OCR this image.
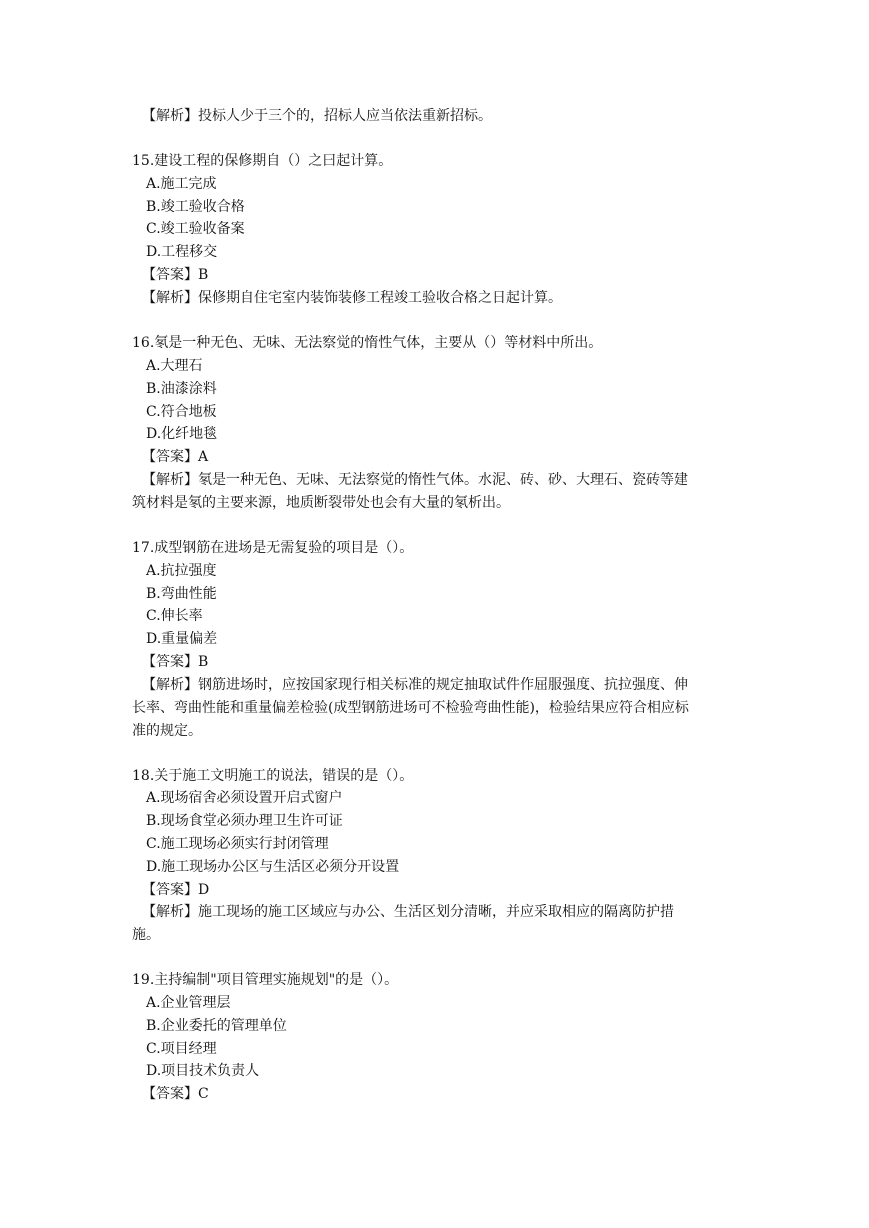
【解析】投标人少于三个的，招标人应当依法重新招标。
15.建设工程的保修期自（）之曰起计算。
A.施工完成
B.竣工验收合格
C.竣工验收备案
D.工程移交
【答案】B
【解析】保修期自住宅室内装饰装修工程竣工验收合格之日起计算。
16.氡是一种无色、无味、无法察觉的惰性气体，主要从（）等材料中所出。
A.大理石
B.油漆涂料
C.符合地板
D.化纤地毯
【答案】A
【解析】氡是一种无色、无味、无法察觉的惰性气体。水泥、砖、砂、大理石、瓷砖等建
筑材料是氡的主要来源，地质断裂带处也会有大量的氡析出。
17.成型钢筋在进场是无需复验的项目是（）。
A.抗拉强度
B.弯曲性能
C.伸长率
D.重量偏差
【答案】B
【解析】钢筋进场时，应按国家现行相关标准的规定抽取试件作屈服强度、抗拉强度、伸
长率、弯曲性能和重量偏差检验(成型钢筋进场可不检验弯曲性能)，检验结果应符合相应标
准的规定。
18.关于施工文明施工的说法，错误的是（）。
A.现场宿舍必须设置开启式窗户
B.现场食堂必须办理卫生许可证
C.施工现场必须实行封闭管理
D.施工现场办公区与生活区必须分开设置
【答案】D
【解析】施工现场的施工区域应与办公、生活区划分清晰，并应采取相应的隔离防护措
施。
19.主持编制"项目管理实施规划"的是（）。
A.企业管理层
B.企业委托的管理单位
C.项目经理
D.项目技术负责人
【答案】C
